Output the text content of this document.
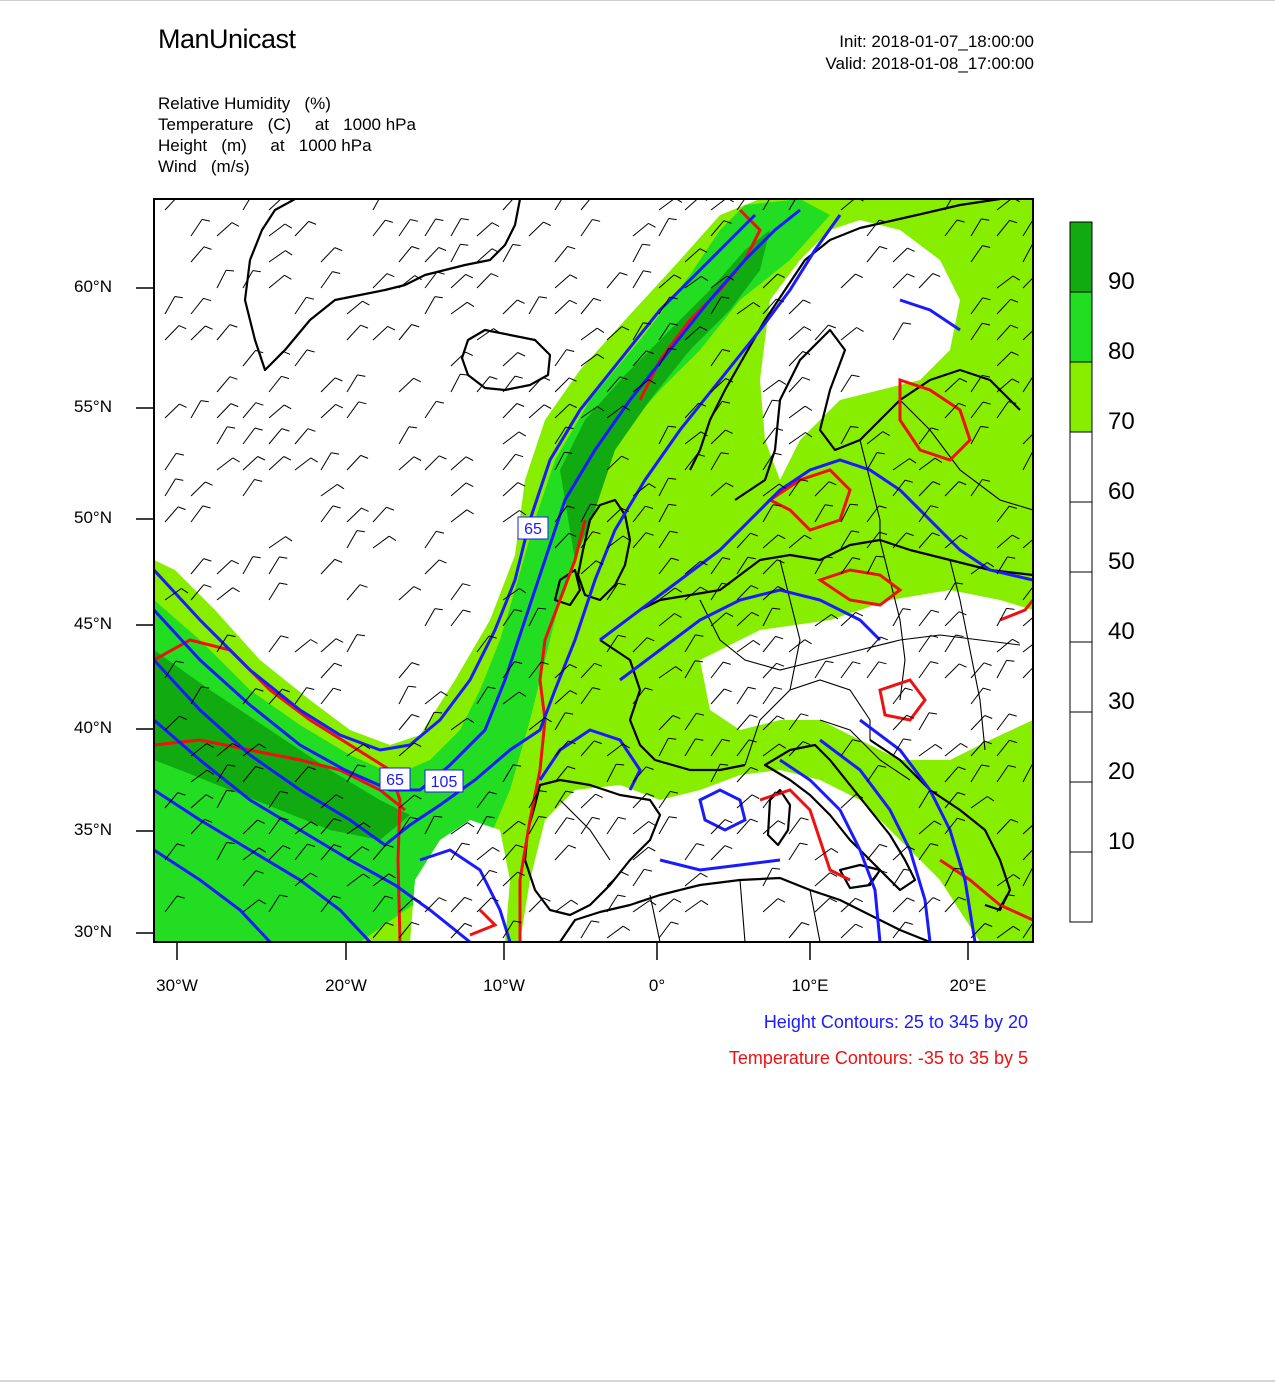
ManUnicast	Init: 2018-01-07_18:00:00
Valid: 2018-01-08_17:00:00
Relative Humidity   (%)
Temperature   (C)     at   1000 hPa
Height   (m)     at   1000 hPa
Wind   (m/s)
65
65 105
60°N
55°N
50°N
45°N
40°N
35°N
30°N
30°W	20°W	10°W	0°	10°E	20°E
90
80
70
60
50
40
30
20
10
Height Contours: 25 to 345 by 20
Temperature Contours: -35 to 35 by 5
